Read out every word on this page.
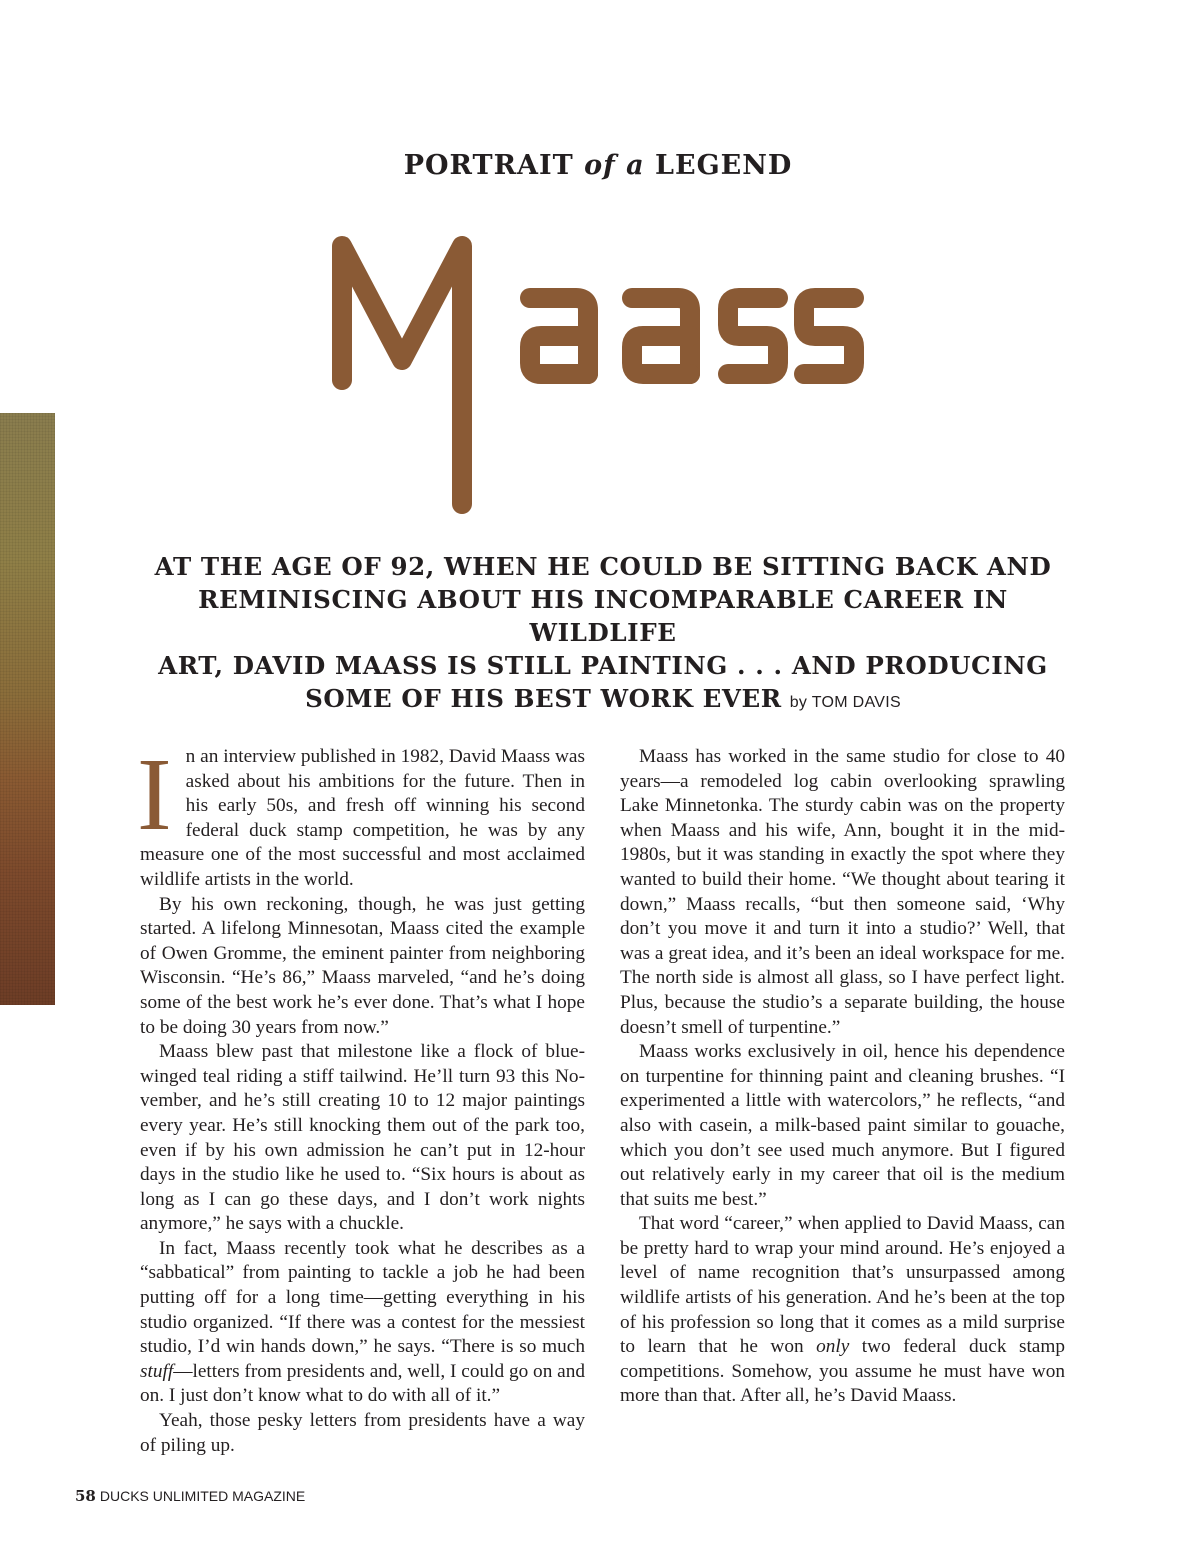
PORTRAIT of a LEGEND
Maass
AT THE AGE OF 92, WHEN HE COULD BE SITTING BACK AND
REMINISCING ABOUT HIS INCOMPARABLE CAREER IN WILDLIFE
ART, DAVID MAASS IS STILL PAINTING . . . AND PRODUCING
SOME OF HIS BEST WORK EVER by TOM DAVIS

In an interview published in 1982, David Maass was asked about his ambitions for the future. Then in his early 50s, and fresh off winning his second federal duck stamp competition, he was by any measure one of the most successful and most acclaimed wildlife artists in the world.

By his own reckoning, though, he was just getting started. A lifelong Minnesotan, Maass cited the example of Owen Gromme, the eminent painter from neighboring Wisconsin. “He’s 86,” Maass marveled, “and he’s doing some of the best work he’s ever done. That’s what I hope to be doing 30 years from now.”

Maass blew past that milestone like a flock of blue-winged teal riding a stiff tailwind. He’ll turn 93 this November, and he’s still creating 10 to 12 major paintings every year. He’s still knocking them out of the park too, even if by his own admission he can’t put in 12-hour days in the studio like he used to. “Six hours is about as long as I can go these days, and I don’t work nights anymore,” he says with a chuckle.

In fact, Maass recently took what he describes as a “sabbatical” from painting to tackle a job he had been putting off for a long time—getting everything in his studio organized. “If there was a contest for the messiest studio, I’d win hands down,” he says. “There is so much stuff—letters from presidents and, well, I could go on and on. I just don’t know what to do with all of it.”

Yeah, those pesky letters from presidents have a way of piling up.

Maass has worked in the same studio for close to 40 years—a remodeled log cabin overlooking sprawling Lake Minnetonka. The sturdy cabin was on the property when Maass and his wife, Ann, bought it in the mid-1980s, but it was standing in exactly the spot where they wanted to build their home. “We thought about tearing it down,” Maass recalls, “but then someone said, ‘Why don’t you move it and turn it into a studio?’ Well, that was a great idea, and it’s been an ideal workspace for me. The north side is almost all glass, so I have perfect light. Plus, because the studio’s a separate building, the house doesn’t smell of turpentine.”

Maass works exclusively in oil, hence his dependence on turpentine for thinning paint and cleaning brushes. “I experimented a little with watercolors,” he reflects, “and also with casein, a milk-based paint similar to gouache, which you don’t see used much anymore. But I figured out relatively early in my career that oil is the medium that suits me best.”

That word “career,” when applied to David Maass, can be pretty hard to wrap your mind around. He’s enjoyed a level of name recognition that’s unsurpassed among wildlife artists of his generation. And he’s been at the top of his profession so long that it comes as a mild surprise to learn that he won only two federal duck stamp competitions. Somehow, you assume he must have won more than that. After all, he’s David Maass.

58 DUCKS UNLIMITED MAGAZINE
